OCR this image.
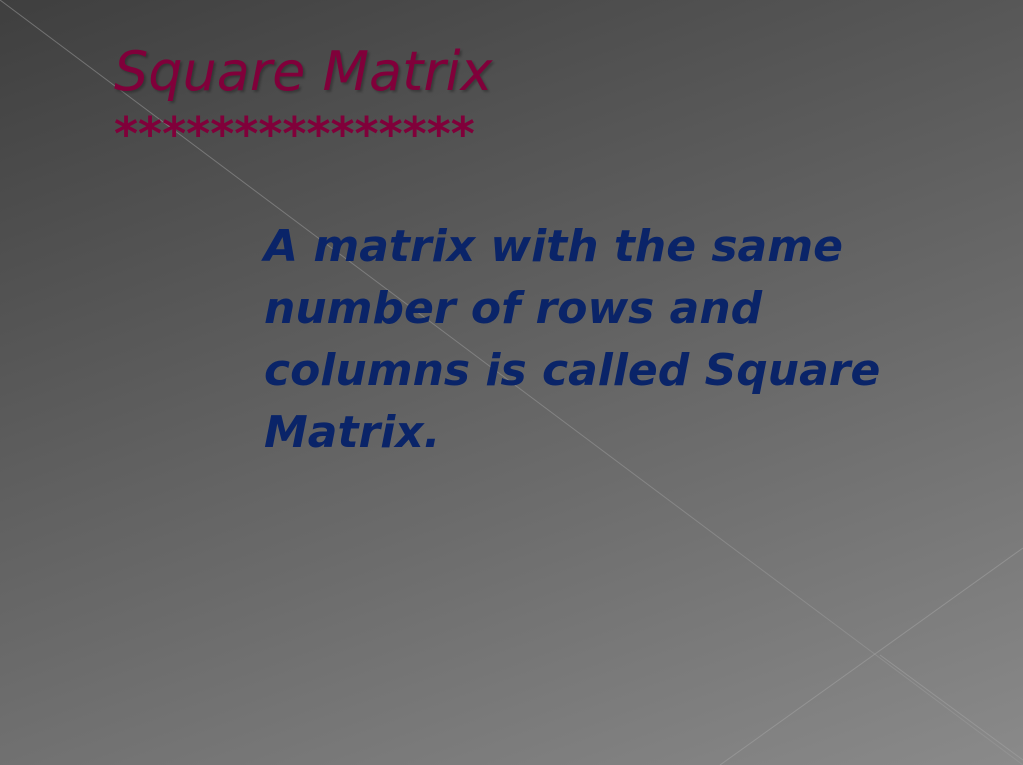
Square Matrix
***************

A matrix with the same number of rows and columns is called Square Matrix.
